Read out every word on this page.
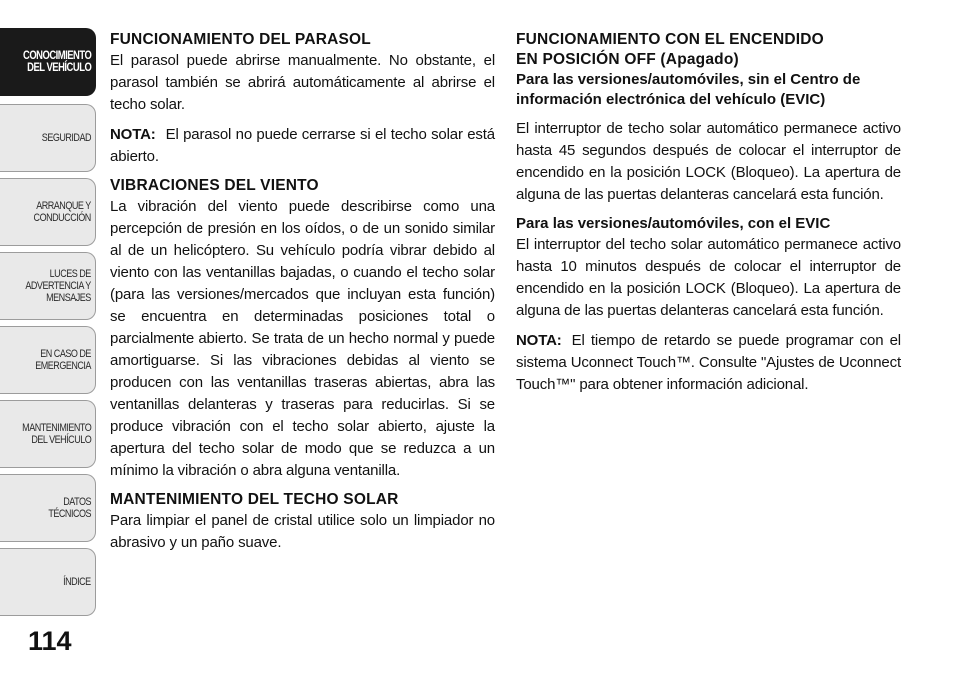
CONOCIMIENTO
DEL VEHÍCULO
SEGURIDAD
ARRANQUE Y
CONDUCCIÓN
LUCES DE
ADVERTENCIA Y
MENSAJES
EN CASO DE
EMERGENCIA
MANTENIMIENTO
DEL VEHÍCULO
DATOS
TÉCNICOS
ÍNDICE
114
FUNCIONAMIENTO DEL PARASOL

El parasol puede abrirse manualmente. No obstante, el parasol también se abrirá automáticamente al abrirse el techo solar.

NOTA: El parasol no puede cerrarse si el techo solar está abierto.

VIBRACIONES DEL VIENTO

La vibración del viento puede describirse como una percepción de presión en los oídos, o de un sonido similar al de un helicóptero. Su vehículo podría vibrar debido al viento con las ventanillas bajadas, o cuando el techo solar (para las versiones/mercados que incluyan esta función) se encuentra en determinadas posiciones total o parcialmente abierto. Se trata de un hecho normal y puede amortiguarse. Si las vibraciones debidas al viento se producen con las ventanillas traseras abiertas, abra las ventanillas delanteras y traseras para reducirlas. Si se produce vibración con el techo solar abierto, ajuste la apertura del techo solar de modo que se reduzca a un mínimo la vibración o abra alguna ventanilla.

MANTENIMIENTO DEL TECHO SOLAR

Para limpiar el panel de cristal utilice solo un limpiador no abrasivo y un paño suave.

FUNCIONAMIENTO CON EL ENCENDIDO
EN POSICIÓN OFF (Apagado)
Para las versiones/automóviles, sin el Centro de información electrónica del vehículo (EVIC)

El interruptor de techo solar automático permanece activo hasta 45 segundos después de colocar el interruptor de encendido en la posición LOCK (Bloqueo). La apertura de alguna de las puertas delanteras cancelará esta función.

Para las versiones/automóviles, con el EVIC

El interruptor del techo solar automático permanece activo hasta 10 minutos después de colocar el interruptor de encendido en la posición LOCK (Bloqueo). La apertura de alguna de las puertas delanteras cancelará esta función.

NOTA: El tiempo de retardo se puede programar con el sistema Uconnect Touch™. Consulte "Ajustes de Uconnect Touch™" para obtener información adicional.
